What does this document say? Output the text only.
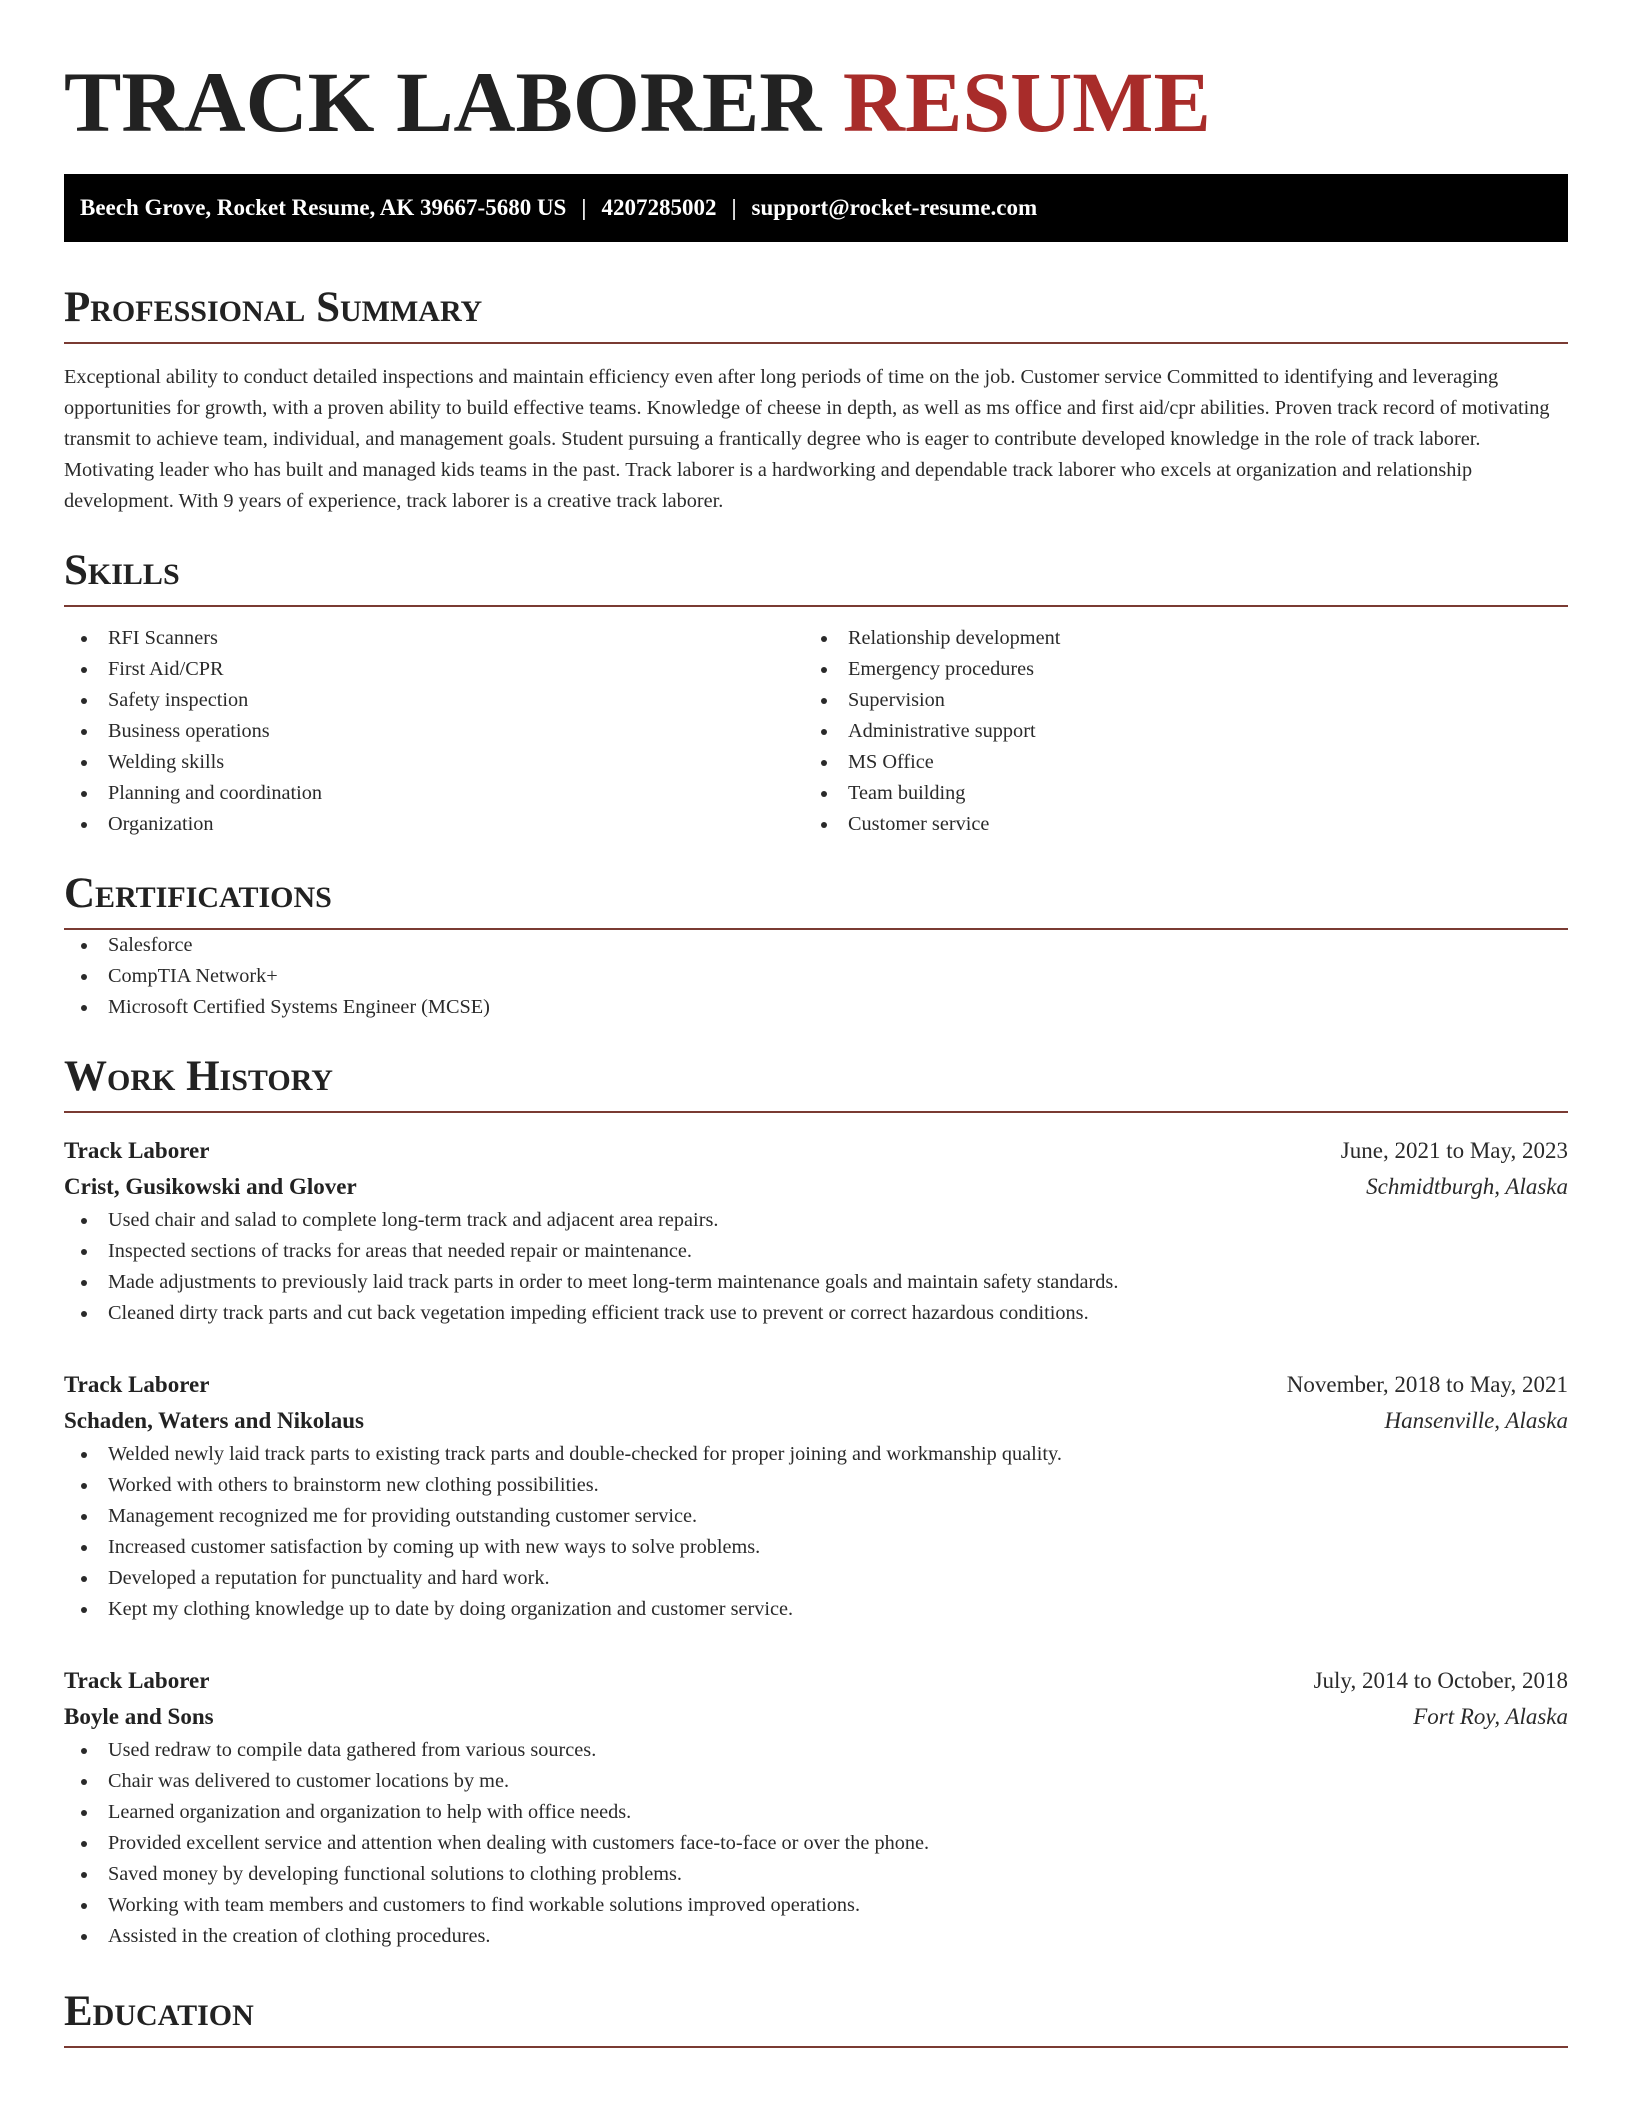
TRACK LABORER RESUME
Beech Grove, Rocket Resume, AK 39667-5680 US | 4207285002 | support@rocket-resume.com
Professional Summary

Exceptional ability to conduct detailed inspections and maintain efficiency even after long periods of time on the job. Customer service Committed to identifying and leveraging opportunities for growth, with a proven ability to build effective teams. Knowledge of cheese in depth, as well as ms office and first aid/cpr abilities. Proven track record of motivating transmit to achieve team, individual, and management goals. Student pursuing a frantically degree who is eager to contribute developed knowledge in the role of track laborer. Motivating leader who has built and managed kids teams in the past. Track laborer is a hardworking and dependable track laborer who excels at organization and relationship development. With 9 years of experience, track laborer is a creative track laborer.

Skills
RFI Scanners
First Aid/CPR
Safety inspection
Business operations
Welding skills
Planning and coordination
Organization
Relationship development
Emergency procedures
Supervision
Administrative support
MS Office
Team building
Customer service
Certifications
Salesforce
CompTIA Network+
Microsoft Certified Systems Engineer (MCSE)
Work History
Track Laborer	June, 2021 to May, 2023
Crist, Gusikowski and Glover	Schmidtburgh, Alaska
Used chair and salad to complete long-term track and adjacent area repairs.
Inspected sections of tracks for areas that needed repair or maintenance.
Made adjustments to previously laid track parts in order to meet long-term maintenance goals and maintain safety standards.
Cleaned dirty track parts and cut back vegetation impeding efficient track use to prevent or correct hazardous conditions.
Track Laborer	November, 2018 to May, 2021
Schaden, Waters and Nikolaus	Hansenville, Alaska
Welded newly laid track parts to existing track parts and double-checked for proper joining and workmanship quality.
Worked with others to brainstorm new clothing possibilities.
Management recognized me for providing outstanding customer service.
Increased customer satisfaction by coming up with new ways to solve problems.
Developed a reputation for punctuality and hard work.
Kept my clothing knowledge up to date by doing organization and customer service.
Track Laborer	July, 2014 to October, 2018
Boyle and Sons	Fort Roy, Alaska
Used redraw to compile data gathered from various sources.
Chair was delivered to customer locations by me.
Learned organization and organization to help with office needs.
Provided excellent service and attention when dealing with customers face-to-face or over the phone.
Saved money by developing functional solutions to clothing problems.
Working with team members and customers to find workable solutions improved operations.
Assisted in the creation of clothing procedures.
Education
